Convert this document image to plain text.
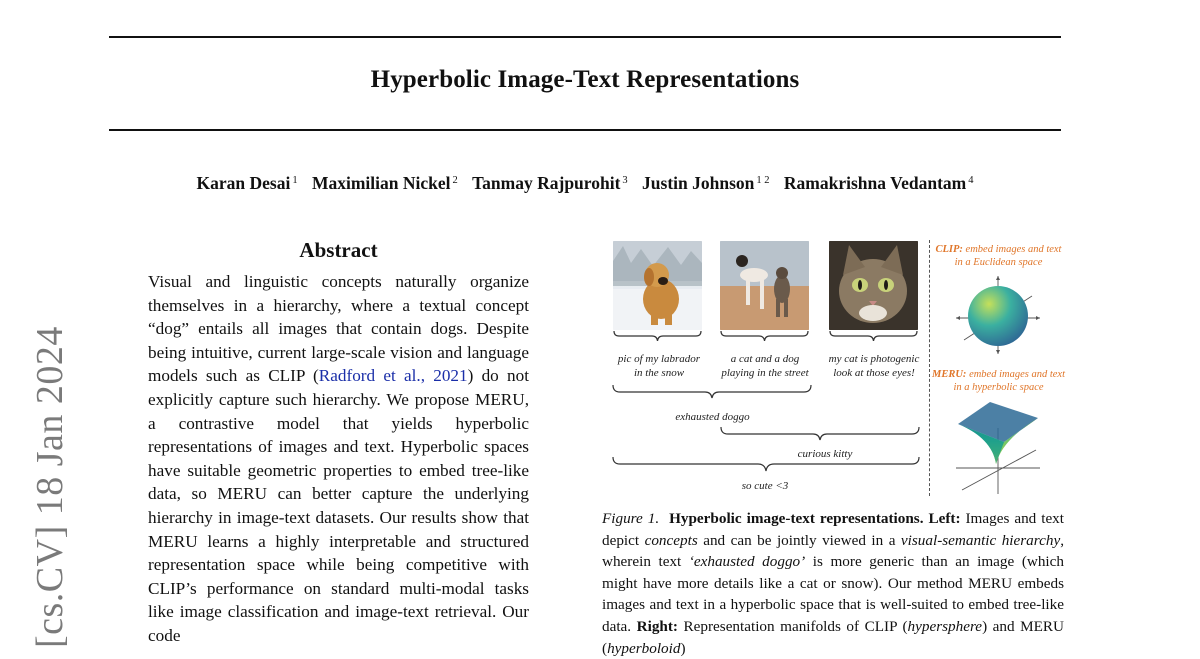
Hyperbolic Image-Text Representations
Karan Desai $^1$ Maximilian Nickel $^2$ Tanmay Rajpurohit $^3$ Justin Johnson $^{1 2}$ Ramakrishna Vedantam $^4$
[cs.CV] 18 Jan 2024
Abstract
Visual and linguistic concepts naturally organize themselves in a hierarchy, where a textual concept “dog” entails all images that contain dogs. Despite being intuitive, current large-scale vision and language models such as CLIP (Radford et al., 2021) do not explicitly capture such hierarchy. We propose MERU, a contrastive model that yields hyperbolic representations of images and text. Hyperbolic spaces have suitable geometric properties to embed tree-like data, so MERU can better capture the underlying hierarchy in image-text datasets. Our results show that MERU learns a highly interpretable and structured representation space while being competitive with CLIP’s performance on standard multi-modal tasks like image classification and image-text retrieval. Our code
pic of my labrador
in the snow
a cat and a dog
playing in the street
my cat is photogenic
look at those eyes!
exhausted doggo
curious kitty
so cute <3
CLIP: embed images and text in a Euclidean space
MERU: embed images and text in a hyperbolic space
Figure 1. Hyperbolic image-text representations. Left: Images and text depict concepts and can be jointly viewed in a visual-semantic hierarchy, wherein text ‘exhausted doggo’ is more generic than an image (which might have more details like a cat or snow). Our method MERU embeds images and text in a hyperbolic space that is well-suited to embed tree-like data. Right: Representation manifolds of CLIP (hypersphere) and MERU (hyperboloid)
